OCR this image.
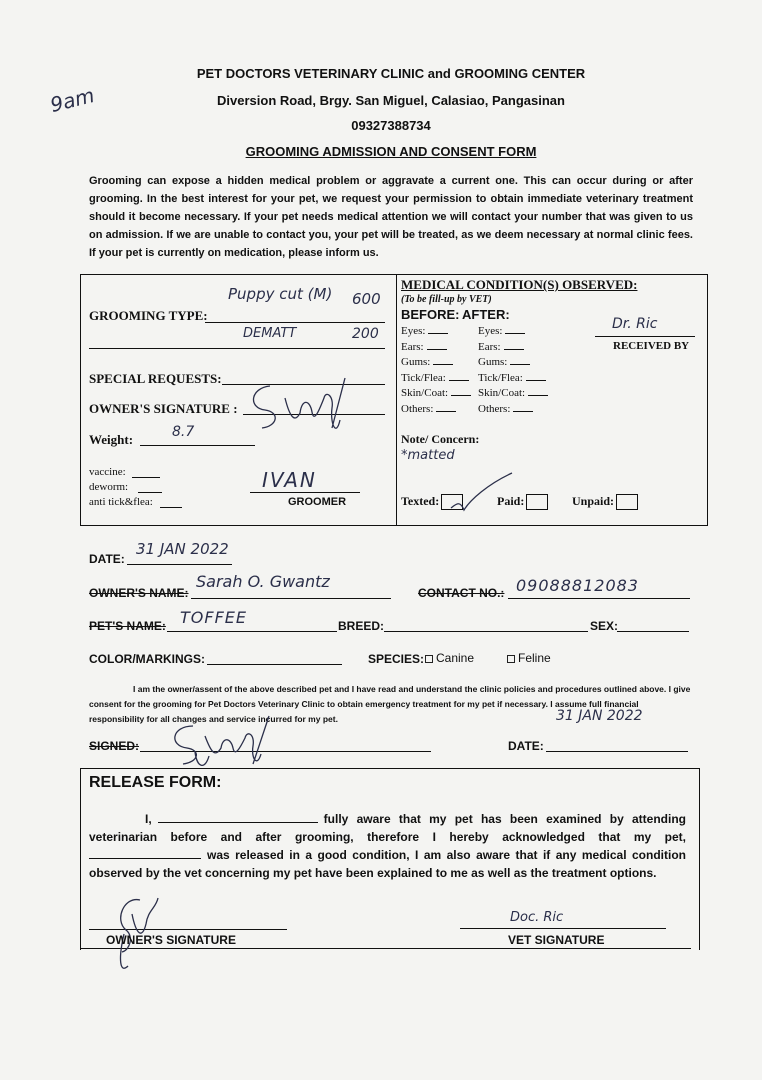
9am
PET DOCTORS VETERINARY CLINIC and GROOMING CENTER
Diversion Road, Brgy. San Miguel, Calasiao, Pangasinan
09327388734
GROOMING ADMISSION AND CONSENT FORM
Grooming can expose a hidden medical problem or aggravate a current one. This can occur during or after grooming. In the best interest for your pet, we request your permission to obtain immediate veterinary treatment should it become necessary. If your pet needs medical attention we will contact your number that was given to us on admission. If we are unable to contact you, your pet will be treated, as we deem necessary at normal clinic fees. If your pet is currently on medication, please inform us.
GROOMING TYPE:
Puppy cut (M) 600
DEMATT	200
SPECIAL REQUESTS:
OWNER'S SIGNATURE :
Weight:	8.7
vaccine:
deworm:
anti tick&flea:
IVAN
GROOMER
MEDICAL CONDITION(S) OBSERVED:
(To be fill-up by VET)
BEFORE: AFTER:
Eyes:	Eyes:
Ears:	Ears:
Gums:	Gums:
Tick/Flea:	Tick/Flea:
Skin/Coat:	Skin/Coat:
Others:	Others:
Dr. Ric
RECEIVED BY
Note/ Concern:
*matted
Texted:	Paid:	Unpaid:
DATE:
31 JAN 2022
OWNER'S NAME:
Sarah O. Gwantz
CONTACT NO.: 09088812083
PET'S NAME: TOFFEE	BREED:	SEX:
COLOR/MARKINGS:	SPECIES: Canine	Feline
I am the owner/assent of the above described pet and I have read and understand the clinic policies and procedures outlined above. I give consent for the grooming for Pet Doctors Veterinary Clinic to obtain emergency treatment for my pet if necessary. I assume full financial responsibility for all changes and service incurred for my pet.	31 JAN 2022
SIGNED:	DATE:
RELEASE FORM:
I,	fully aware that my pet has been examined by attending veterinarian before and after grooming, therefore I hereby acknowledged that my pet,was released in a good condition, I am also aware that if any medical condition observed by the vet concerning my pet have been explained to me as well as the treatment options.
OWNER'S SIGNATURE
Doc. Ric
VET SIGNATURE
